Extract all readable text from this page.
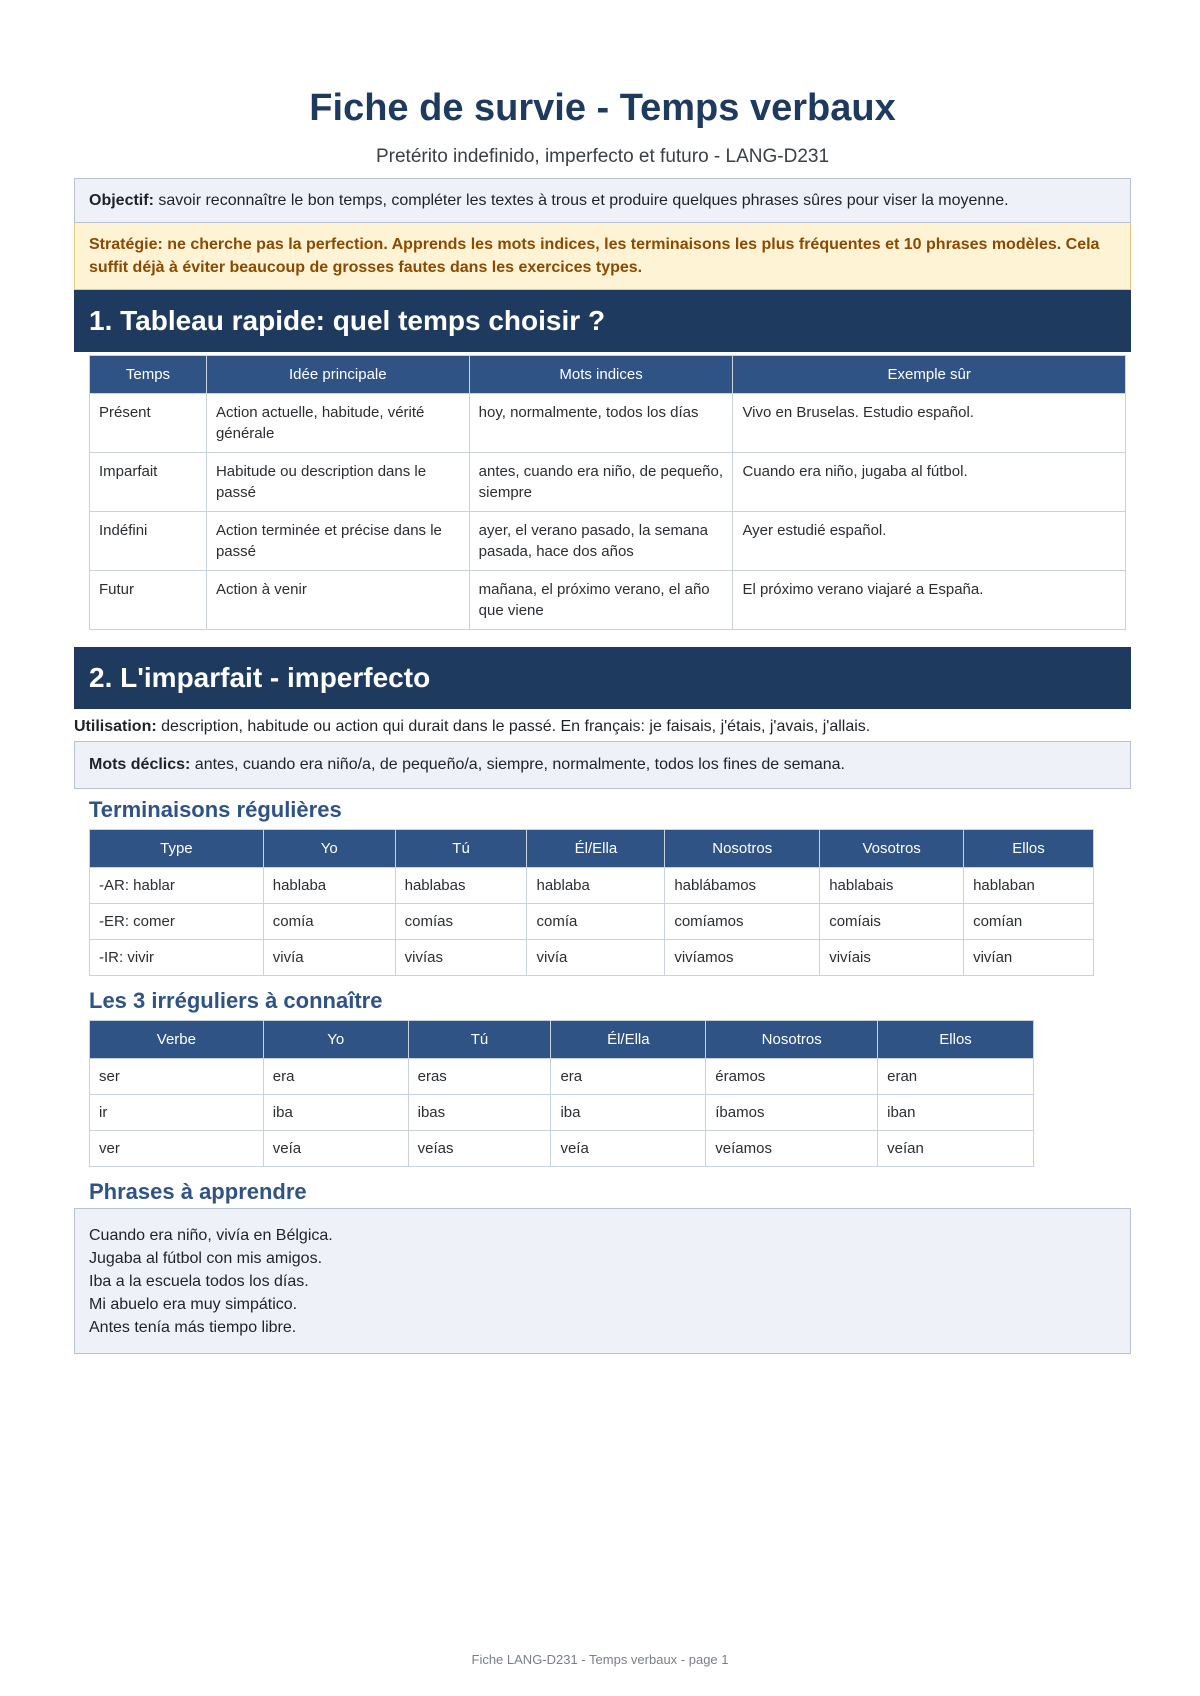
Fiche de survie - Temps verbaux
Pretérito indefinido, imperfecto et futuro - LANG-D231
Objectif: savoir reconnaître le bon temps, compléter les textes à trous et produire quelques phrases sûres pour viser la moyenne.
Stratégie: ne cherche pas la perfection. Apprends les mots indices, les terminaisons les plus fréquentes et 10 phrases modèles. Cela suffit déjà à éviter beaucoup de grosses fautes dans les exercices types.
1. Tableau rapide: quel temps choisir ?
Temps	Idée principale	Mots indices	Exemple sûr
Présent	Action actuelle, habitude, vérité générale	hoy, normalmente, todos los días	Vivo en Bruselas. Estudio español.
Imparfait	Habitude ou description dans le passé	antes, cuando era niño, de pequeño, siempre	Cuando era niño, jugaba al fútbol.
Indéfini	Action terminée et précise dans le passé	ayer, el verano pasado, la semana pasada, hace dos años	Ayer estudié español.
Futur	Action à venir	mañana, el próximo verano, el año que viene	El próximo verano viajaré a España.
2. L'imparfait - imperfecto
Utilisation: description, habitude ou action qui durait dans le passé. En français: je faisais, j'étais, j'avais, j'allais.
Mots déclics: antes, cuando era niño/a, de pequeño/a, siempre, normalmente, todos los fines de semana.
Terminaisons régulières
Type	Yo	Tú	Él/Ella	Nosotros	Vosotros	Ellos
-AR: hablar	hablaba	hablabas	hablaba	hablábamos	hablabais	hablaban
-ER: comer	comía	comías	comía	comíamos	comíais	comían
-IR: vivir	vivía	vivías	vivía	vivíamos	vivíais	vivían
Les 3 irréguliers à connaître
Verbe	Yo	Tú	Él/Ella	Nosotros	Ellos
ser	era	eras	era	éramos	eran
ir	iba	ibas	iba	íbamos	iban
ver	veía	veías	veía	veíamos	veían
Phrases à apprendre
Cuando era niño, vivía en Bélgica.
Jugaba al fútbol con mis amigos.
Iba a la escuela todos los días.
Mi abuelo era muy simpático.
Antes tenía más tiempo libre.
Fiche LANG-D231 - Temps verbaux - page 1
